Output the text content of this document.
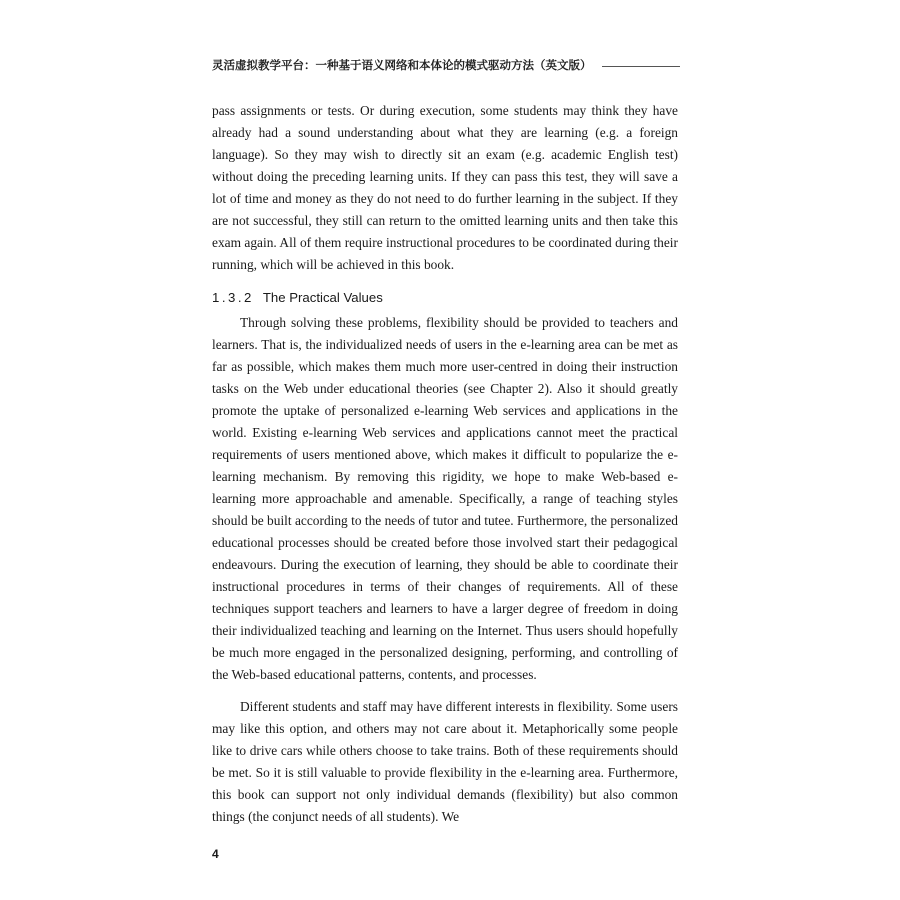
灵活虚拟教学平台：一种基于语义网络和本体论的模式驱动方法（英文版）

pass assignments or tests. Or during execution, some students may think they have already had a sound understanding about what they are learning (e.g. a foreign language). So they may wish to directly sit an exam (e.g. academic English test) without doing the preceding learning units. If they can pass this test, they will save a lot of time and money as they do not need to do further learning in the subject. If they are not successful, they still can return to the omitted learning units and then take this exam again. All of them require instructional procedures to be coordinated during their running, which will be achieved in this book.

1.3.2 The Practical Values

Through solving these problems, flexibility should be provided to teachers and learners. That is, the individualized needs of users in the e-learning area can be met as far as possible, which makes them much more user-centred in doing their instruction tasks on the Web under educational theories (see Chapter 2). Also it should greatly promote the uptake of personalized e-learning Web services and applications in the world. Existing e-learning Web services and applications cannot meet the practical requirements of users mentioned above, which makes it difficult to popularize the e-learning mechanism. By removing this rigidity, we hope to make Web-based e-learning more approachable and amenable. Specifically, a range of teaching styles should be built according to the needs of tutor and tutee. Furthermore, the personalized educational processes should be created before those involved start their pedagogical endeavours. During the execution of learning, they should be able to coordinate their instructional procedures in terms of their changes of requirements. All of these techniques support teachers and learners to have a larger degree of freedom in doing their individualized teaching and learning on the Internet. Thus users should hopefully be much more engaged in the personalized designing, performing, and controlling of the Web-based educational patterns, contents, and processes.

Different students and staff may have different interests in flexibility. Some users may like this option, and others may not care about it. Metaphorically some people like to drive cars while others choose to take trains. Both of these requirements should be met. So it is still valuable to provide flexibility in the e-learning area. Furthermore, this book can support not only individual demands (flexibility) but also common things (the conjunct needs of all students). We

4
